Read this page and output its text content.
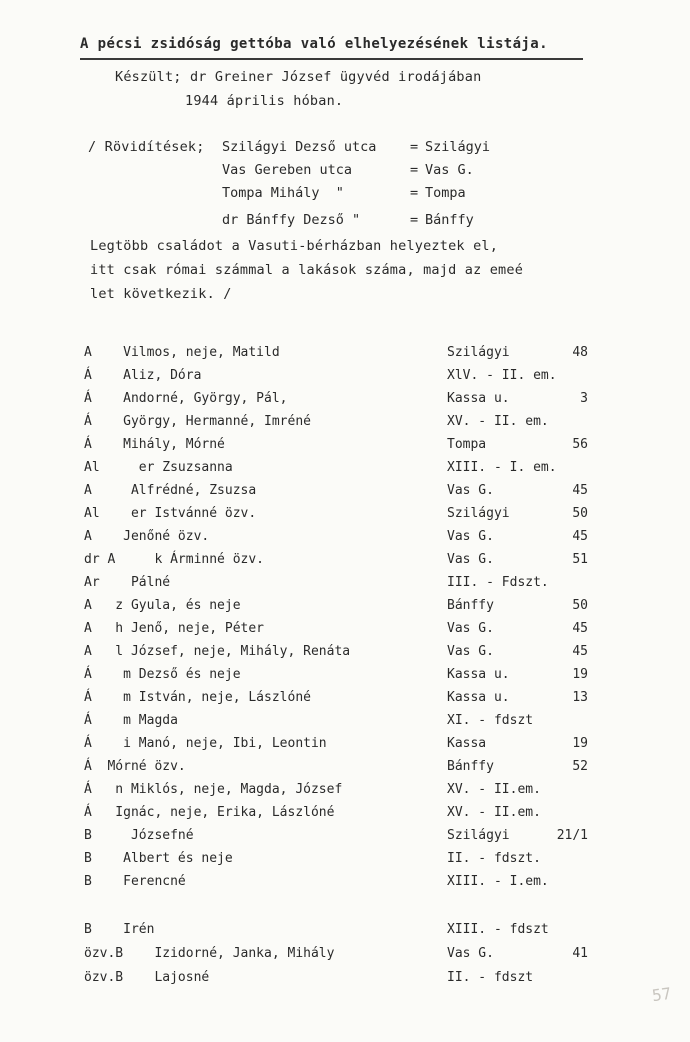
A pécsi zsidóság gettóba való elhelyezésének listája.
Készült; dr Greiner József ügyvéd irodájában
1944 április hóban.
/ Rövidítések; Szilágyi Dezső utca = Szilágyi
Vas Gereben utca	= Vas G.
Tompa Mihály  "	= Tompa
dr Bánffy Dezső "	= Bánffy
Legtöbb családot a Vasuti-bérházban helyeztek el,
itt csak római számmal a lakások száma, majd az emeé
let következik. /
A    Vilmos, neje, Matild	Szilágyi	48
Á    Aliz, Dóra	XlV. - II. em.
Á    Andorné, György, Pál,	Kassa u.	3
Á    György, Hermanné, Imréné	XV. - II. em.
Á    Mihály, Mórné	Tompa	56
Al     er Zsuzsanna	XIII. - I. em.
A     Alfrédné, Zsuzsa	Vas G.	45
Al    er Istvánné özv.	Szilágyi	50
A    Jenőné özv.	Vas G.	45
dr A     k Árminné özv.	Vas G.	51
Ar    Pálné	III. - Fdszt.
A   z Gyula, és neje	Bánffy	50
A   h Jenő, neje, Péter	Vas G.	45
A   l József, neje, Mihály, Renáta	Vas G.	45
Á    m Dezső és neje	Kassa u.	19
Á    m István, neje, Lászlóné	Kassa u.	13
Á    m Magda	XI. - fdszt
Á    i Manó, neje, Ibi, Leontin	Kassa	19
Á  Mórné özv.	Bánffy	52
Á   n Miklós, neje, Magda, József	XV. - II.em.
Á   Ignác, neje, Erika, Lászlóné	XV. - II.em.
B     Józsefné	Szilágyi	21/1
B    Albert és neje	II. - fdszt.
B    Ferencné	XIII. - I.em.
B    Irén	XIII. - fdszt
özv.B    Izidorné, Janka, Mihály	Vas G.	41
özv.B    Lajosné	II. - fdszt
57
